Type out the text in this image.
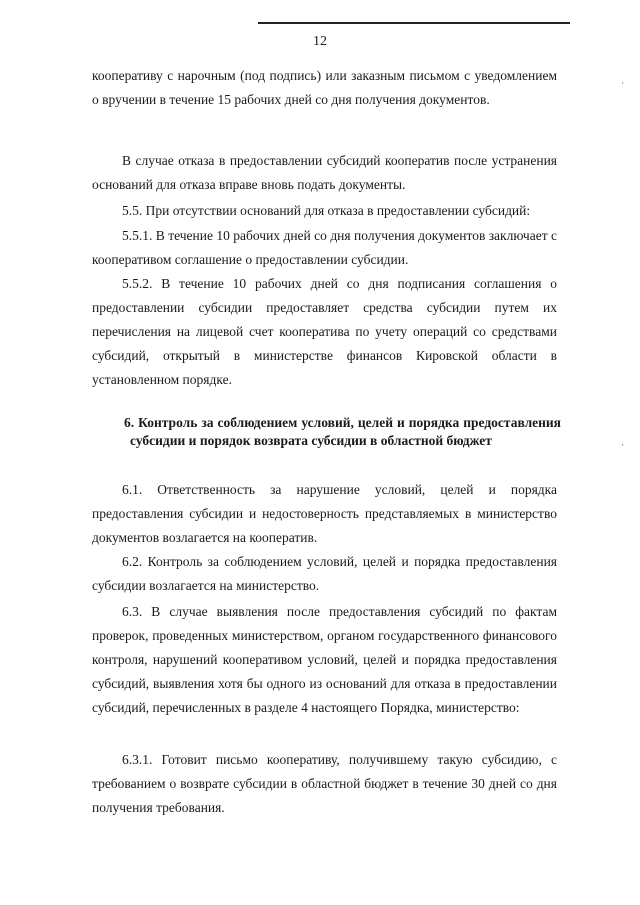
12
⋅
⋅

кооперативу с нарочным (под подпись) или заказным письмом с уведомлением о вручении в течение 15 рабочих дней со дня получения документов.

В случае отказа в предоставлении субсидий кооператив после устранения оснований для отказа вправе вновь подать документы.

5.5. При отсутствии оснований для отказа в предоставлении субсидий:

5.5.1. В течение 10 рабочих дней со дня получения документов заключает с кооперативом соглашение о предоставлении субсидии.

5.5.2. В течение 10 рабочих дней со дня подписания соглашения о предоставлении субсидии предоставляет средства субсидии путем их перечисления на лицевой счет кооператива по учету операций со средствами субсидий, открытый в министерстве финансов Кировской области в установленном порядке.

6. Контроль за соблюдением условий, целей и порядка предоставления субсидии и порядок возврата субсидии в областной бюджет

6.1. Ответственность за нарушение условий, целей и порядка предоставления субсидии и недостоверность представляемых в министерство документов возлагается на кооператив.

6.2. Контроль за соблюдением условий, целей и порядка предоставления субсидии возлагается на министерство.

6.3. В случае выявления после предоставления субсидий по фактам проверок, проведенных министерством, органом государственного финансового контроля, нарушений кооперативом условий, целей и порядка предоставления субсидий, выявления хотя бы одного из оснований для отказа в предоставлении субсидий, перечисленных в разделе 4 настоящего Порядка, министерство:

6.3.1. Готовит письмо кооперативу, получившему такую субсидию, с требованием о возврате субсидии в областной бюджет в течение 30 дней со дня получения требования.
